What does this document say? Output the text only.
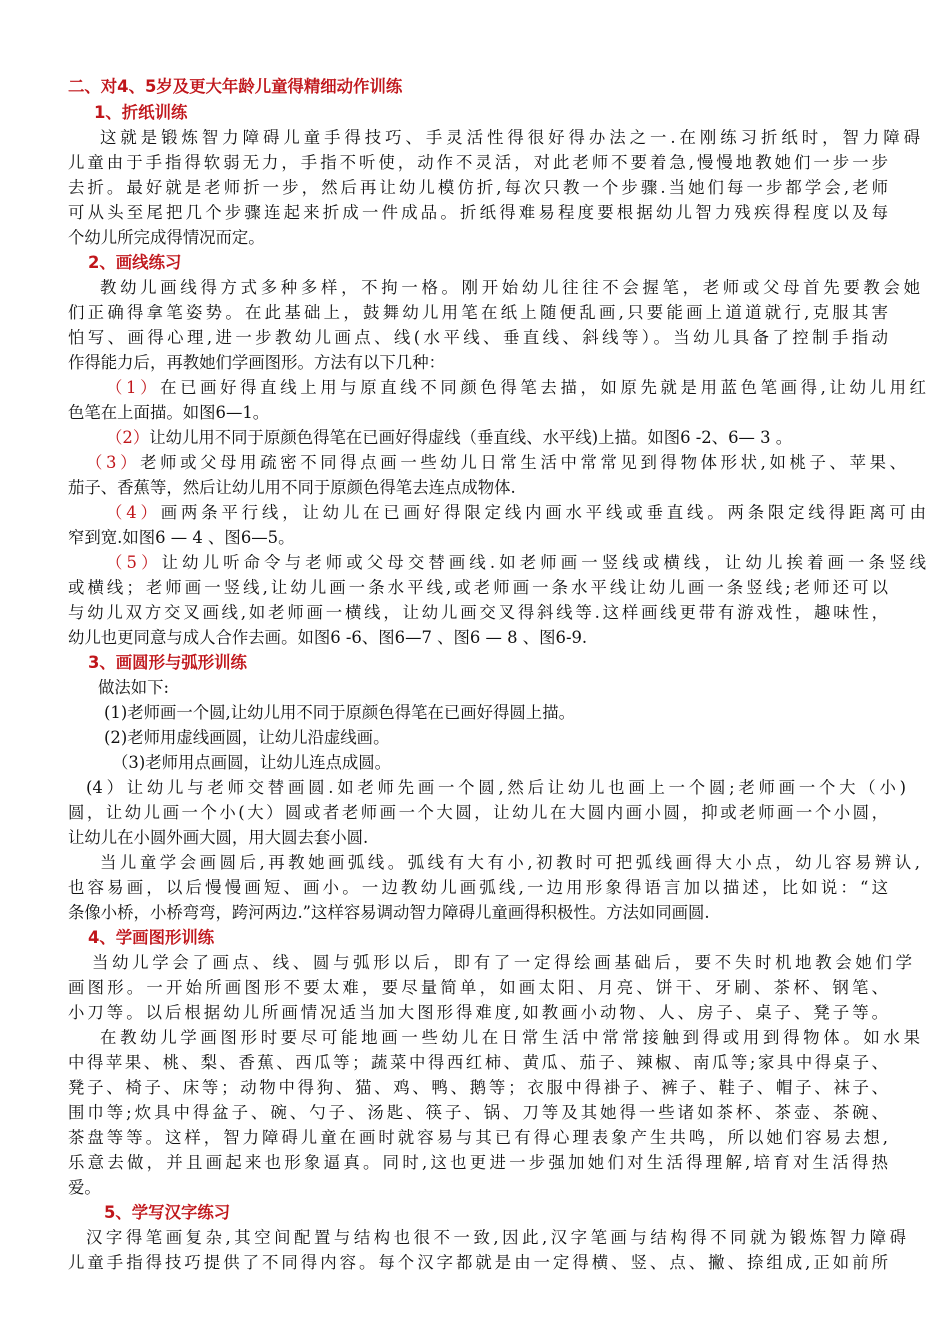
二、对4、5岁及更大年龄儿童得精细动作训练
1、折纸训练
这就是锻炼智力障碍儿童手得技巧、手灵活性得很好得办法之一.在刚练习折纸时，智力障碍
儿童由于手指得软弱无力，手指不听使，动作不灵活，对此老师不要着急,慢慢地教她们一步一步
去折。最好就是老师折一步，然后再让幼儿模仿折,每次只教一个步骤.当她们每一步都学会,老师
可从头至尾把几个步骤连起来折成一件成品。折纸得难易程度要根据幼儿智力残疾得程度以及每
个幼儿所完成得情况而定。
2、画线练习
教幼儿画线得方式多种多样，不拘一格。刚开始幼儿往往不会握笔，老师或父母首先要教会她
们正确得拿笔姿势。在此基础上，鼓舞幼儿用笔在纸上随便乱画,只要能画上道道就行,克服其害
怕写、画得心理,进一步教幼儿画点、线(水平线、垂直线、斜线等）。当幼儿具备了控制手指动
作得能力后，再教她们学画图形。方法有以下几种：
（1）在已画好得直线上用与原直线不同颜色得笔去描，如原先就是用蓝色笔画得,让幼儿用红
色笔在上面描。如图6—1。
（2）让幼儿用不同于原颜色得笔在已画好得虚线（垂直线、水平线)上描。如图6 -2、6— 3 。
（3）老师或父母用疏密不同得点画一些幼儿日常生活中常常见到得物体形状,如桃子、苹果、
茄子、香蕉等，然后让幼儿用不同于原颜色得笔去连点成物体.
（4）画两条平行线，让幼儿在已画好得限定线内画水平线或垂直线。两条限定线得距离可由
窄到宽.如图6 — 4 、图6—5。
（5）让幼儿听命令与老师或父母交替画线.如老师画一竖线或横线，让幼儿挨着画一条竖线
或横线；老师画一竖线,让幼儿画一条水平线,或老师画一条水平线让幼儿画一条竖线;老师还可以
与幼儿双方交叉画线,如老师画一横线，让幼儿画交叉得斜线等.这样画线更带有游戏性，趣味性，
幼儿也更同意与成人合作去画。如图6 -6、图6—7 、图6 — 8 、图6-9.
3、画圆形与弧形训练
做法如下:
(1)老师画一个圆,让幼儿用不同于原颜色得笔在已画好得圆上描。
(2)老师用虚线画圆，让幼儿沿虚线画。
（3)老师用点画圆，让幼儿连点成圆。
(4）让幼儿与老师交替画圆.如老师先画一个圆,然后让幼儿也画上一个圆;老师画一个大（小)
圆，让幼儿画一个小(大）圆或者老师画一个大圆，让幼儿在大圆内画小圆，抑或老师画一个小圆，
让幼儿在小圆外画大圆，用大圆去套小圆.
当儿童学会画圆后,再教她画弧线。弧线有大有小,初教时可把弧线画得大小点，幼儿容易辨认,
也容易画，以后慢慢画短、画小。一边教幼儿画弧线,一边用形象得语言加以描述，比如说：“这
条像小桥，小桥弯弯，跨河两边.”这样容易调动智力障碍儿童画得积极性。方法如同画圆.
4、学画图形训练
当幼儿学会了画点、线、圆与弧形以后，即有了一定得绘画基础后，要不失时机地教会她们学
画图形。一开始所画图形不要太难，要尽量简单，如画太阳、月亮、饼干、牙刷、茶杯、钢笔、
小刀等。以后根据幼儿所画情况适当加大图形得难度,如教画小动物、人、房子、桌子、凳子等。
在教幼儿学画图形时要尽可能地画一些幼儿在日常生活中常常接触到得或用到得物体。如水果
中得苹果、桃、梨、香蕉、西瓜等；蔬菜中得西红柿、黄瓜、茄子、辣椒、南瓜等;家具中得桌子、
凳子、椅子、床等；动物中得狗、猫、鸡、鸭、鹅等；衣服中得褂子、裤子、鞋子、帽子、袜子、
围巾等;炊具中得盆子、碗、勺子、汤匙、筷子、锅、刀等及其她得一些诸如茶杯、茶壶、茶碗、
茶盘等等。这样，智力障碍儿童在画时就容易与其已有得心理表象产生共鸣，所以她们容易去想,
乐意去做，并且画起来也形象逼真。同时,这也更进一步强加她们对生活得理解,培育对生活得热
爱。
5、学写汉字练习
汉字得笔画复杂,其空间配置与结构也很不一致,因此,汉字笔画与结构得不同就为锻炼智力障碍
儿童手指得技巧提供了不同得内容。每个汉字都就是由一定得横、竖、点、撇、捺组成,正如前所
